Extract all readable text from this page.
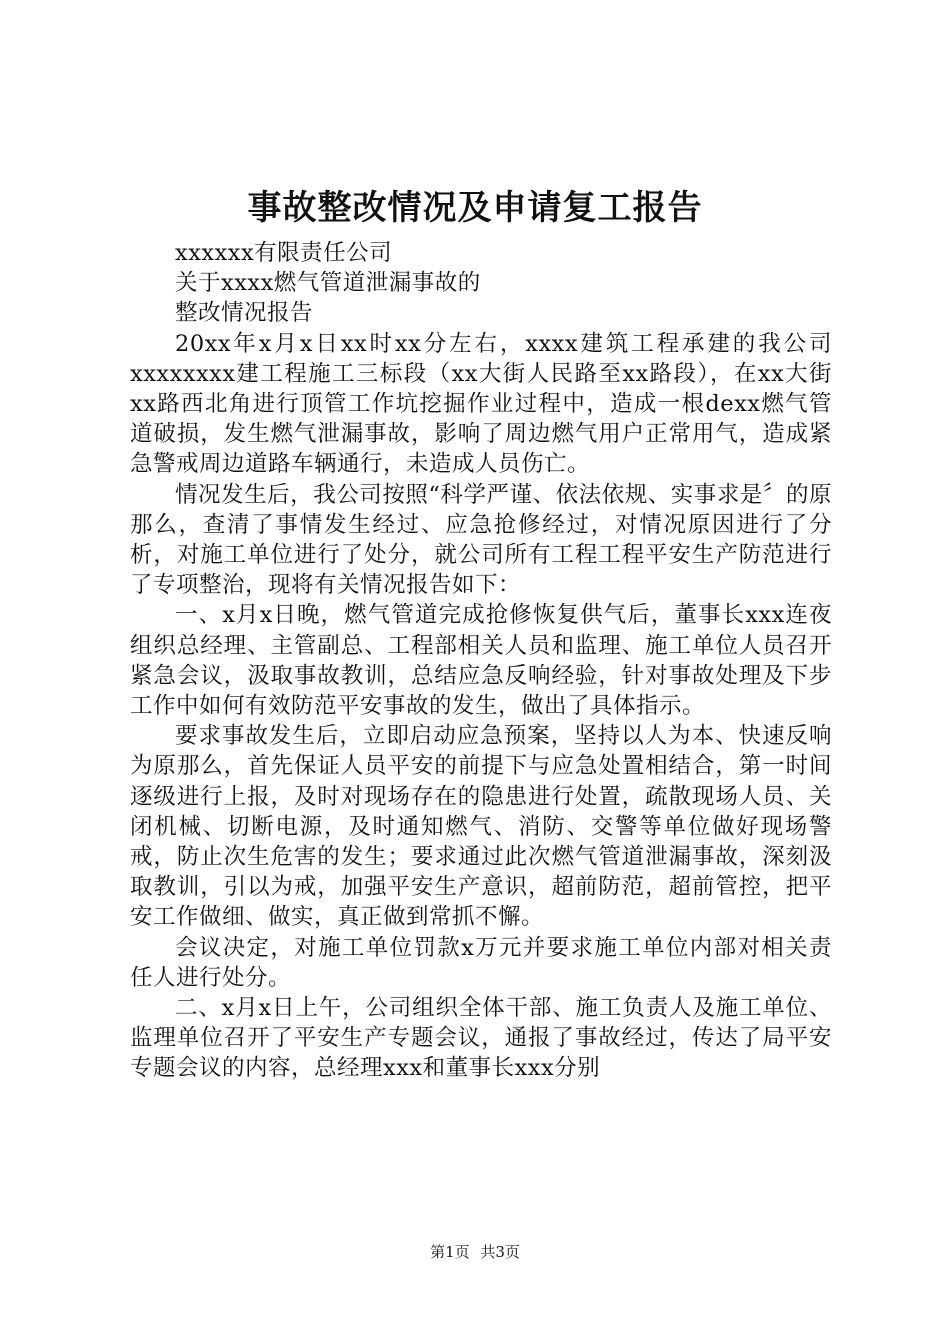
事故整改情况及申请复工报告

xxxxxx有限责任公司

关于xxxx燃气管道泄漏事故的

整改情况报告

20xx年x月x日xx时xx分左右，xxxx建筑工程承建的我公司xxxxxxxx建工程施工三标段（xx大街人民路至xx路段），在xx大街xx路西北角进行顶管工作坑挖掘作业过程中，造成一根dexx燃气管道破损，发生燃气泄漏事故，影响了周边燃气用户正常用气，造成紧急警戒周边道路车辆通行，未造成人员伤亡。

情况发生后，我公司按照“科学严谨、依法依规、实事求是〞的原那么，查清了事情发生经过、应急抢修经过，对情况原因进行了分析，对施工单位进行了处分，就公司所有工程工程平安生产防范进行了专项整治，现将有关情况报告如下：

一、x月x日晚，燃气管道完成抢修恢复供气后，董事长xxx连夜组织总经理、主管副总、工程部相关人员和监理、施工单位人员召开紧急会议，汲取事故教训，总结应急反响经验，针对事故处理及下步工作中如何有效防范平安事故的发生，做出了具体指示。

要求事故发生后，立即启动应急预案，坚持以人为本、快速反响为原那么，首先保证人员平安的前提下与应急处置相结合，第一时间逐级进行上报，及时对现场存在的隐患进行处置，疏散现场人员、关闭机械、切断电源，及时通知燃气、消防、交警等单位做好现场警戒，防止次生危害的发生；要求通过此次燃气管道泄漏事故，深刻汲取教训，引以为戒，加强平安生产意识，超前防范，超前管控，把平安工作做细、做实，真正做到常抓不懈。

会议决定，对施工单位罚款x万元并要求施工单位内部对相关责任人进行处分。

二、x月x日上午，公司组织全体干部、施工负责人及施工单位、监理单位召开了平安生产专题会议，通报了事故经过，传达了局平安专题会议的内容，总经理xxx和董事长xxx分别

第1页 共3页
